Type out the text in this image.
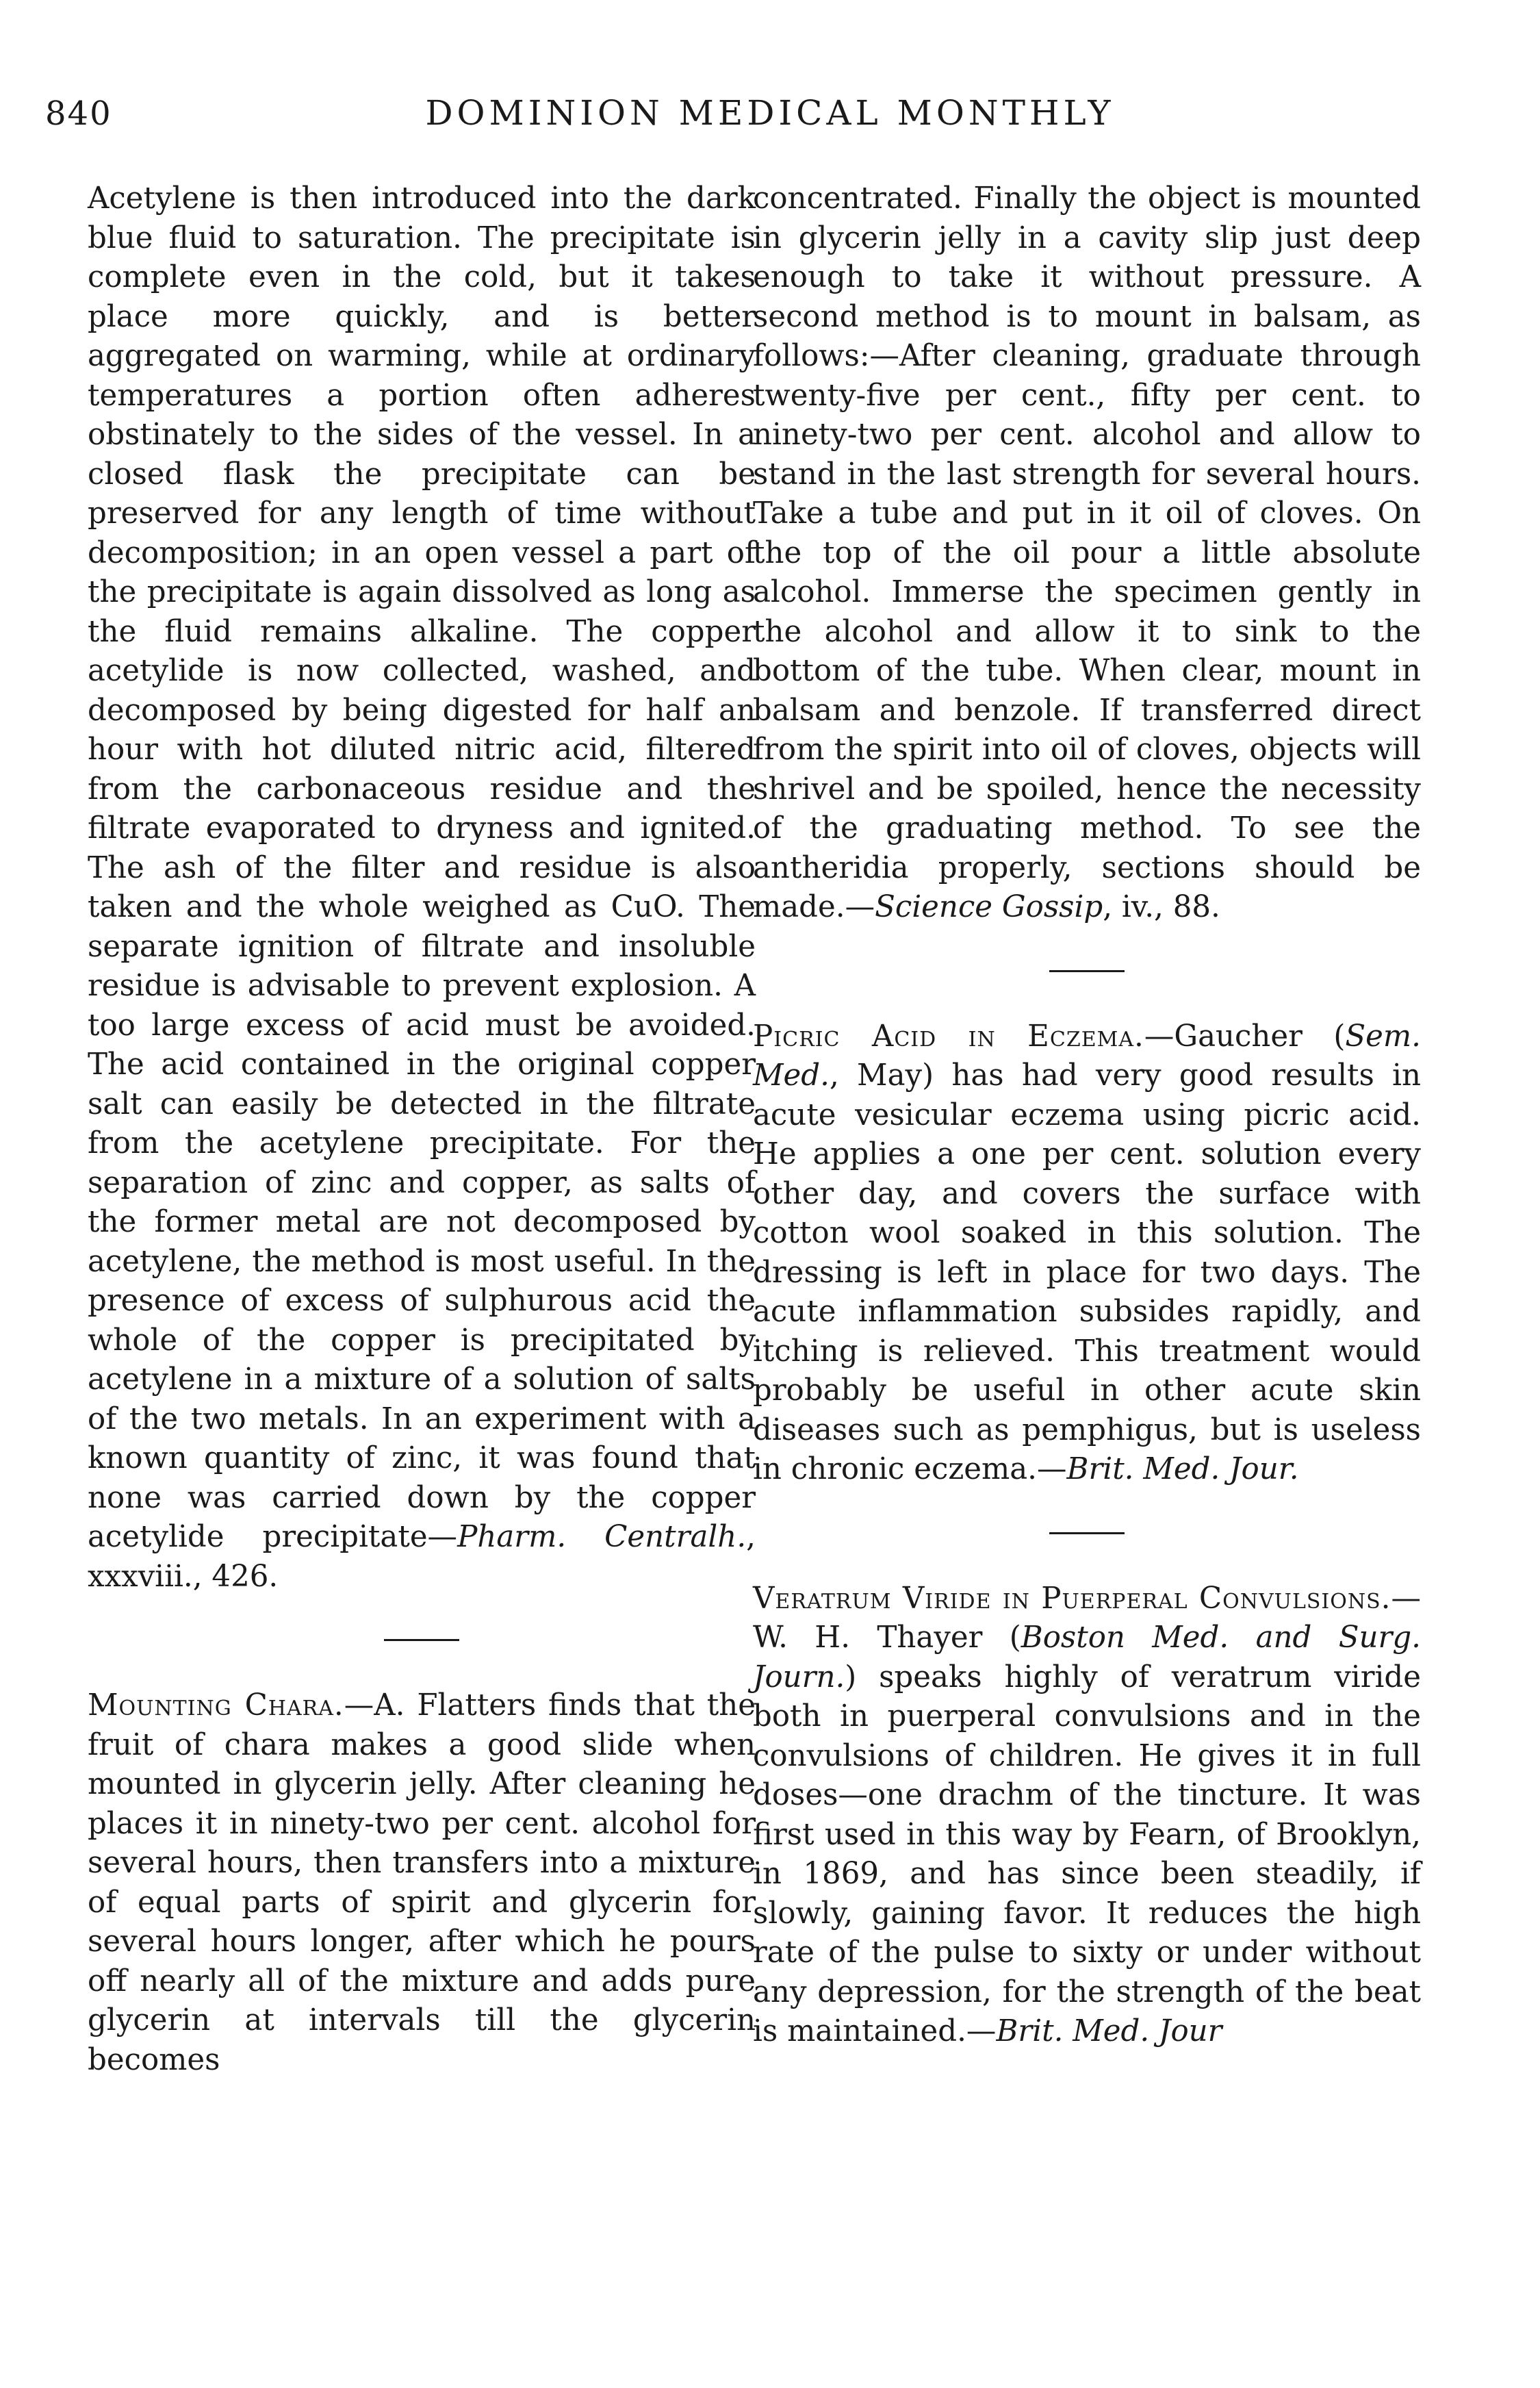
840	DOMINION MEDICAL MONTHLY

Acetylene is then introduced into the dark blue fluid to saturation. The precipitate is complete even in the cold, but it takes place more quickly, and is better aggregated on warming, while at ordinary temperatures a portion often adheres obstinately to the sides of the vessel. In a closed flask the precipitate can be preserved for any length of time without decomposition; in an open vessel a part of the precipitate is again dissolved as long as the fluid remains alkaline. The copper acetylide is now collected, washed, and decomposed by being digested for half an hour with hot diluted nitric acid, filtered from the carbonaceous residue and the filtrate evaporated to dryness and ignited. The ash of the filter and residue is also taken and the whole weighed as CuO. The separate ignition of filtrate and insoluble residue is advisable to prevent explosion. A too large excess of acid must be avoided. The acid contained in the original copper salt can easily be detected in the filtrate from the acetylene precipitate. For the separation of zinc and copper, as salts of the former metal are not decomposed by acetylene, the method is most useful. In the presence of excess of sulphurous acid the whole of the copper is precipitated by acetylene in a mixture of a solution of salts of the two metals. In an experiment with a known quantity of zinc, it was found that none was carried down by the copper acetylide precipitate—Pharm. Centralh., xxxviii., 426.

Mounting Chara.—A. Flatters finds that the fruit of chara makes a good slide when mounted in glycerin jelly. After cleaning he places it in ninety-two per cent. alcohol for several hours, then transfers into a mixture of equal parts of spirit and glycerin for several hours longer, after which he pours off nearly all of the mixture and adds pure glycerin at intervals till the glycerin becomes

concentrated. Finally the object is mounted in glycerin jelly in a cavity slip just deep enough to take it without pressure. A second method is to mount in balsam, as follows:—After cleaning, graduate through twenty-five per cent., fifty per cent. to ninety-two per cent. alcohol and allow to stand in the last strength for several hours. Take a tube and put in it oil of cloves. On the top of the oil pour a little absolute alcohol. Immerse the specimen gently in the alcohol and allow it to sink to the bottom of the tube. When clear, mount in balsam and benzole. If transferred direct from the spirit into oil of cloves, objects will shrivel and be spoiled, hence the necessity of the graduating method. To see the antheridia properly, sections should be made.—Science Gossip, iv., 88.

Picric Acid in Eczema.—Gaucher (Sem. Med., May) has had very good results in acute vesicular eczema using picric acid. He applies a one per cent. solution every other day, and covers the surface with cotton wool soaked in this solution. The dressing is left in place for two days. The acute inflammation subsides rapidly, and itching is relieved. This treatment would probably be useful in other acute skin diseases such as pemphigus, but is useless in chronic eczema.—Brit. Med. Jour.

Veratrum Viride in Puerperal Convulsions.—W. H. Thayer (Boston Med. and Surg. Journ.) speaks highly of veratrum viride both in puerperal convulsions and in the convulsions of children. He gives it in full doses—one drachm of the tincture. It was first used in this way by Fearn, of Brooklyn, in 1869, and has since been steadily, if slowly, gaining favor. It reduces the high rate of the pulse to sixty or under without any depression, for the strength of the beat is maintained.—Brit. Med. Jour
